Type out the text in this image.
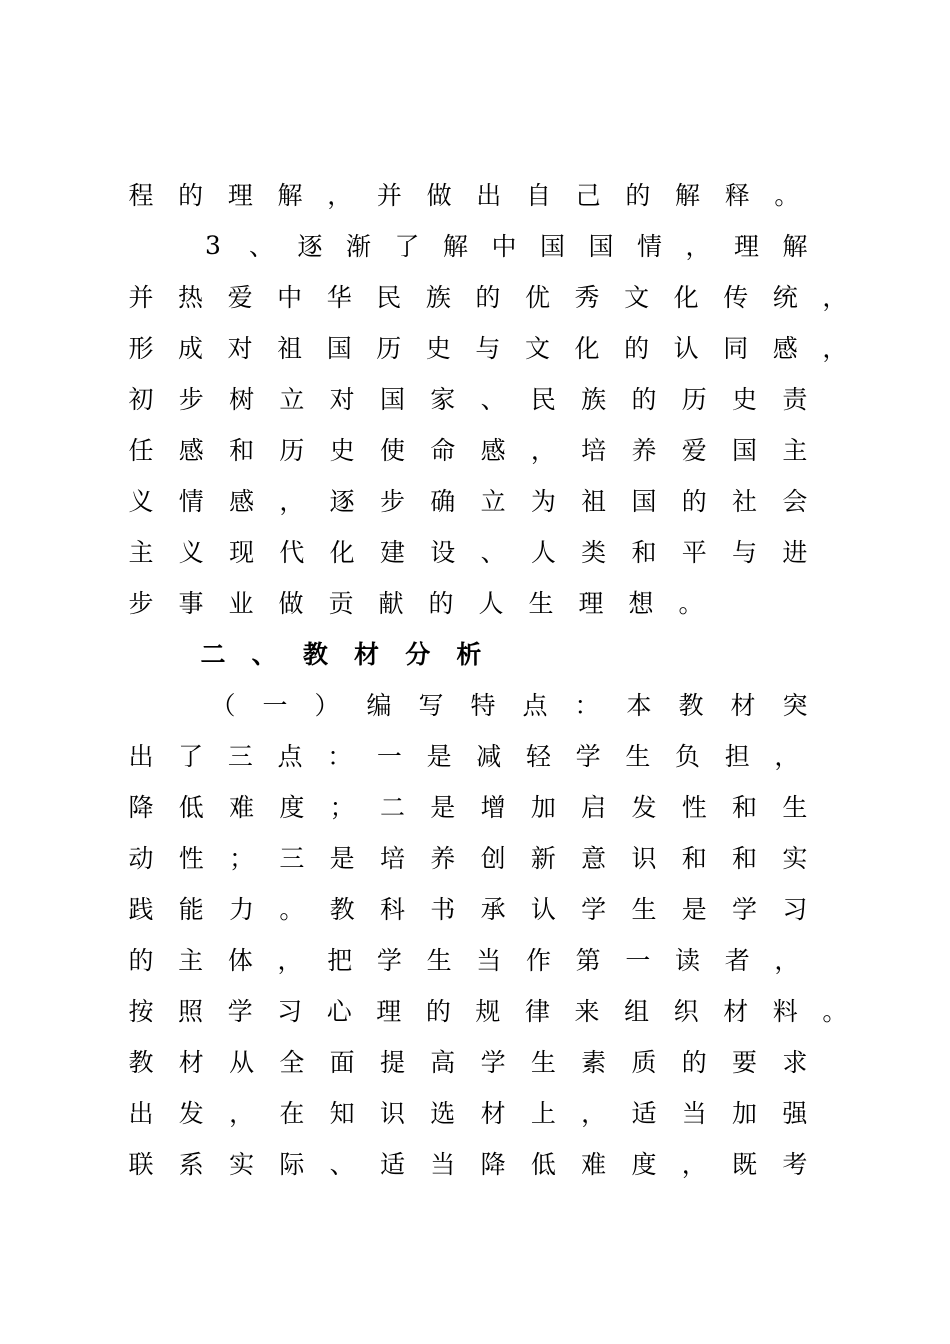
程 的 理 解 ， 并 做 出 自 己 的 解 释 。
3 、 逐 渐 了 解 中 国 国 情 ， 理 解
并 热 爱 中 华 民 族 的 优 秀 文 化 传 统 ，
形 成 对 祖 国 历 史 与 文 化 的 认 同 感 ，
初 步 树 立 对 国 家 、 民 族 的 历 史 责
任 感 和 历 史 使 命 感 ， 培 养 爱 国 主
义 情 感 ， 逐 步 确 立 为 祖 国 的 社 会
主 义 现 代 化 建 设 、 人 类 和 平 与 进
步 事 业 做 贡 献 的 人 生 理 想 。
二 、 教 材 分 析
（ 一 ） 编 写 特 点 ： 本 教 材 突
出 了 三 点 ： 一 是 减 轻 学 生 负 担 ，
降 低 难 度 ； 二 是 增 加 启 发 性 和 生
动 性 ； 三 是 培 养 创 新 意 识 和 和 实
践 能 力 。 教 科 书 承 认 学 生 是 学 习
的 主 体 ， 把 学 生 当 作 第 一 读 者 ，
按 照 学 习 心 理 的 规 律 来 组 织 材 料 。
教 材 从 全 面 提 高 学 生 素 质 的 要 求
出 发 ， 在 知 识 选 材 上 ， 适 当 加 强
联 系 实 际 、 适 当 降 低 难 度 ， 既 考
